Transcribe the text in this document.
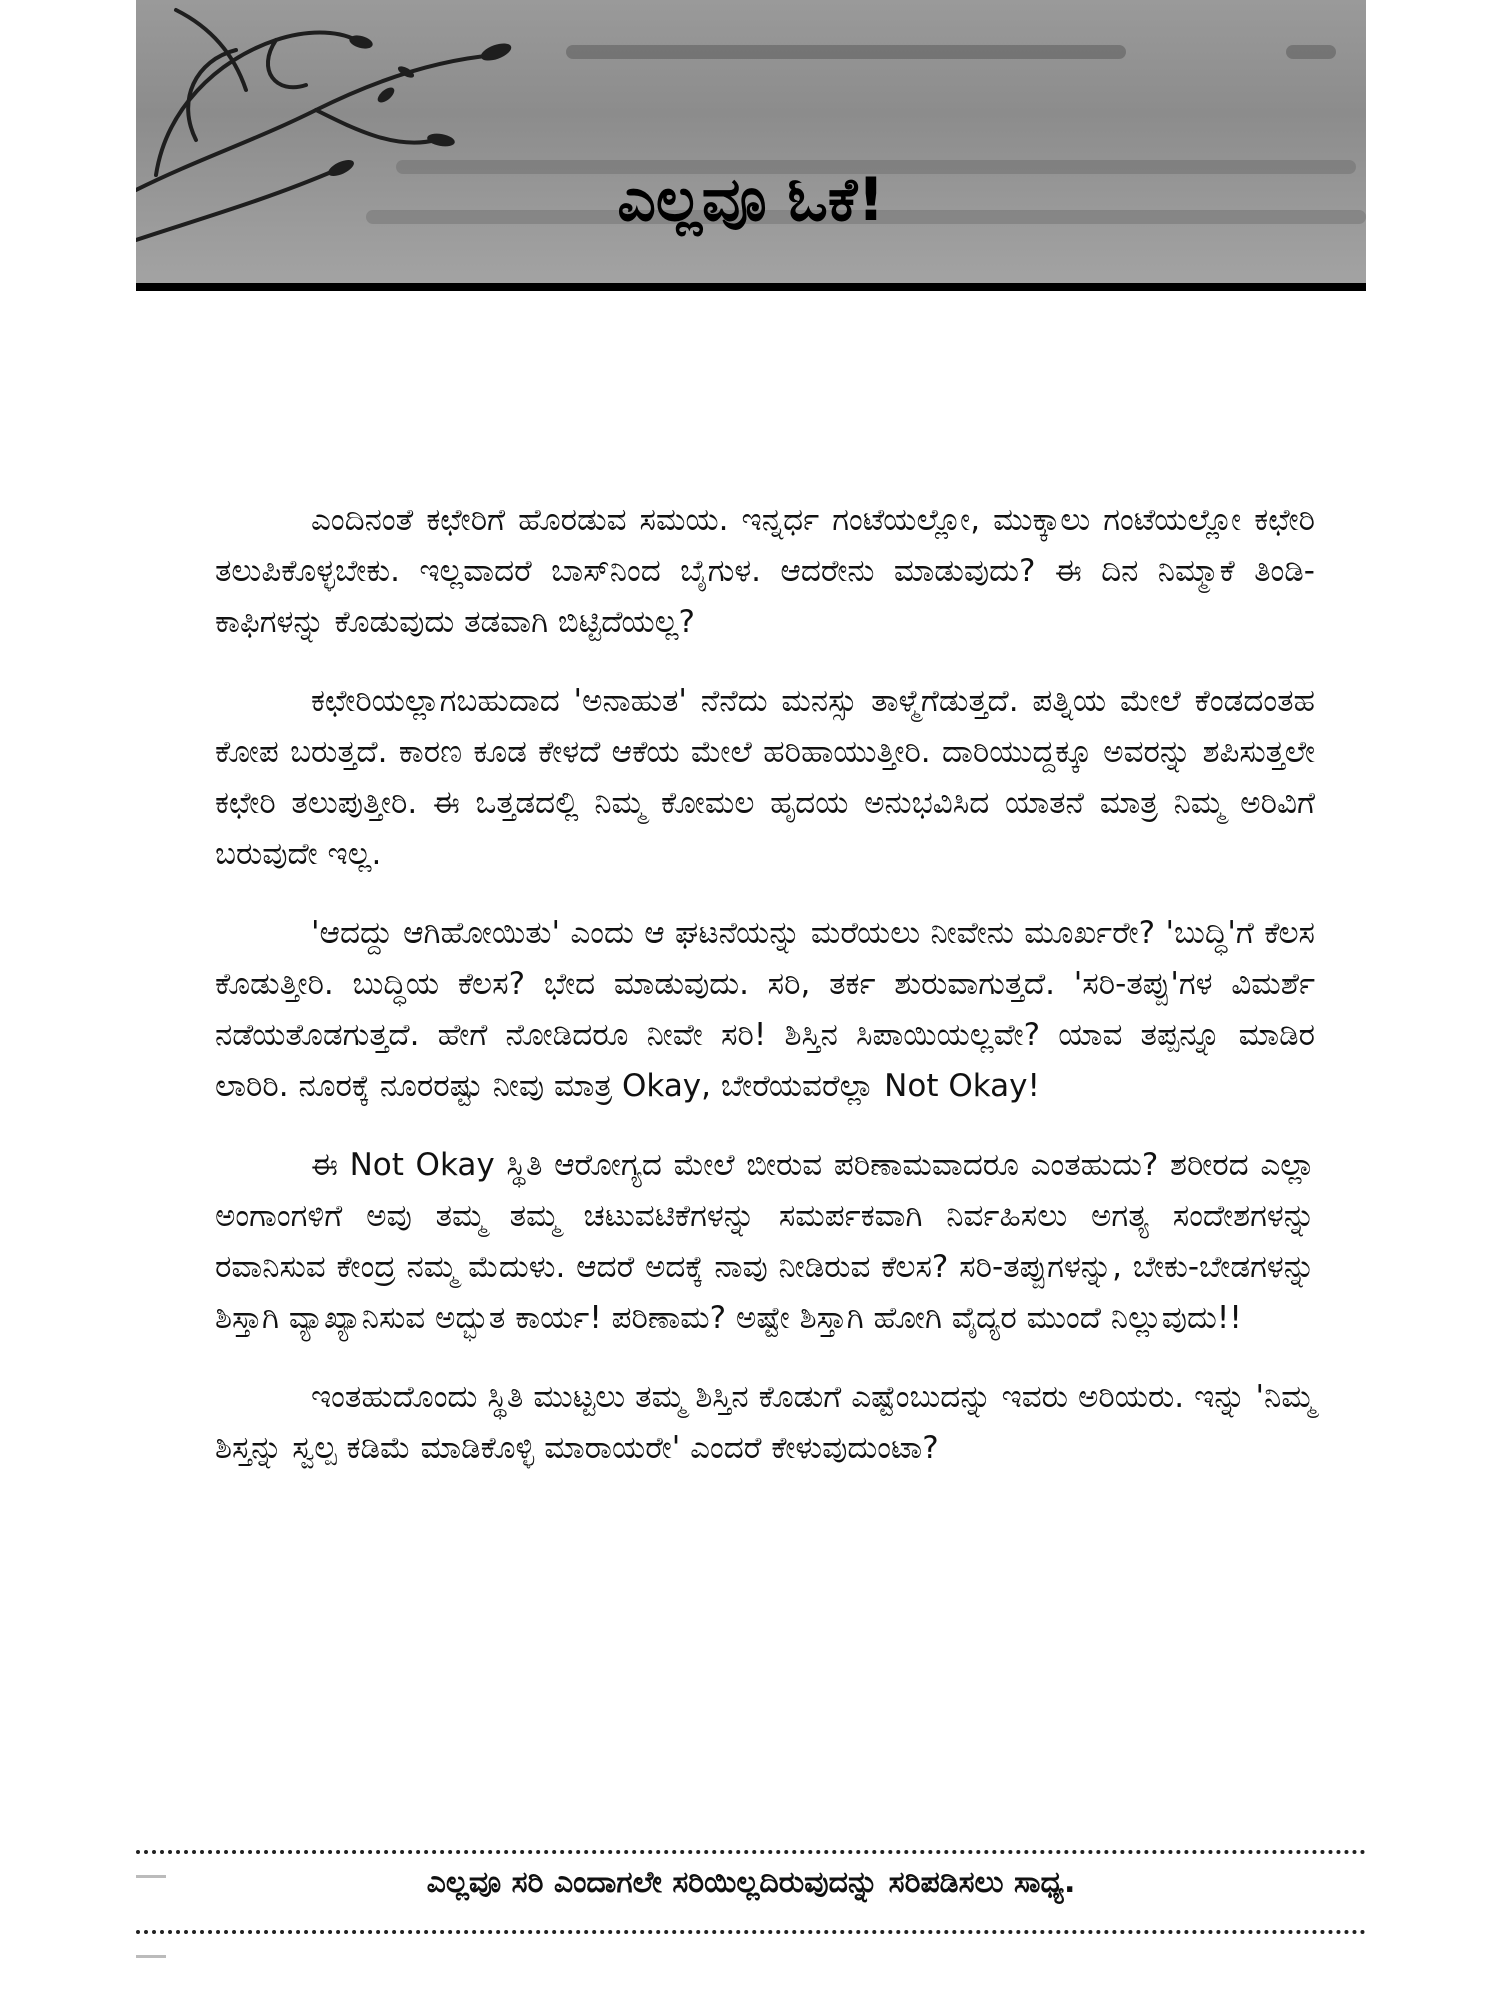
ಎಲ್ಲವೂ ಓಕೆ!

ಎಂದಿನಂತೆ ಕಛೇರಿಗೆ ಹೊರಡುವ ಸಮಯ. ಇನ್ನರ್ಧ ಗಂಟೆಯಲ್ಲೋ, ಮುಕ್ಕಾಲು ಗಂಟೆಯಲ್ಲೋ ಕಛೇರಿ ತಲುಪಿಕೊಳ್ಳಬೇಕು. ಇಲ್ಲವಾದರೆ ಬಾಸ್‌ನಿಂದ ಬೈಗುಳ. ಆದರೇನು ಮಾಡುವುದು? ಈ ದಿನ ನಿಮ್ಮಾಕೆ ತಿಂಡಿ-ಕಾಫಿಗಳನ್ನು ಕೊಡುವುದು ತಡವಾಗಿ ಬಿಟ್ಟಿದೆಯಲ್ಲ?

ಕಛೇರಿಯಲ್ಲಾಗಬಹುದಾದ 'ಅನಾಹುತ' ನೆನೆದು ಮನಸ್ಸು ತಾಳ್ಮೆಗೆಡುತ್ತದೆ. ಪತ್ನಿಯ ಮೇಲೆ ಕೆಂಡದಂತಹ ಕೋಪ ಬರುತ್ತದೆ. ಕಾರಣ ಕೂಡ ಕೇಳದೆ ಆಕೆಯ ಮೇಲೆ ಹರಿಹಾಯುತ್ತೀರಿ. ದಾರಿಯುದ್ದಕ್ಕೂ ಅವರನ್ನು ಶಪಿಸುತ್ತಲೇ ಕಛೇರಿ ತಲುಪುತ್ತೀರಿ. ಈ ಒತ್ತಡದಲ್ಲಿ ನಿಮ್ಮ ಕೋಮಲ ಹೃದಯ ಅನುಭವಿಸಿದ ಯಾತನೆ ಮಾತ್ರ ನಿಮ್ಮ ಅರಿವಿಗೆ ಬರುವುದೇ ಇಲ್ಲ.

'ಆದದ್ದು ಆಗಿಹೋಯಿತು' ಎಂದು ಆ ಘಟನೆಯನ್ನು ಮರೆಯಲು ನೀವೇನು ಮೂರ್ಖರೇ? 'ಬುದ್ಧಿ'ಗೆ ಕೆಲಸ ಕೊಡುತ್ತೀರಿ. ಬುದ್ಧಿಯ ಕೆಲಸ? ಭೇದ ಮಾಡುವುದು. ಸರಿ, ತರ್ಕ ಶುರುವಾಗುತ್ತದೆ. 'ಸರಿ-ತಪ್ಪು'ಗಳ ವಿಮರ್ಶೆ ನಡೆಯತೊಡಗುತ್ತದೆ. ಹೇಗೆ ನೋಡಿದರೂ ನೀವೇ ಸರಿ! ಶಿಸ್ತಿನ ಸಿಪಾಯಿಯಲ್ಲವೇ? ಯಾವ ತಪ್ಪನ್ನೂ ಮಾಡಿರ ಲಾರಿರಿ. ನೂರಕ್ಕೆ ನೂರರಷ್ಟು ನೀವು ಮಾತ್ರ Okay, ಬೇರೆಯವರೆಲ್ಲಾ Not Okay!

ಈ Not Okay ಸ್ಥಿತಿ ಆರೋಗ್ಯದ ಮೇಲೆ ಬೀರುವ ಪರಿಣಾಮವಾದರೂ ಎಂತಹುದು? ಶರೀರದ ಎಲ್ಲಾ ಅಂಗಾಂಗಳಿಗೆ ಅವು ತಮ್ಮ ತಮ್ಮ ಚಟುವಟಿಕೆಗಳನ್ನು ಸಮರ್ಪಕವಾಗಿ ನಿರ್ವಹಿಸಲು ಅಗತ್ಯ ಸಂದೇಶಗಳನ್ನು ರವಾನಿಸುವ ಕೇಂದ್ರ ನಮ್ಮ ಮೆದುಳು. ಆದರೆ ಅದಕ್ಕೆ ನಾವು ನೀಡಿರುವ ಕೆಲಸ? ಸರಿ-ತಪ್ಪುಗಳನ್ನು, ಬೇಕು-ಬೇಡಗಳನ್ನು ಶಿಸ್ತಾಗಿ ವ್ಯಾಖ್ಯಾನಿಸುವ ಅದ್ಭುತ ಕಾರ್ಯ! ಪರಿಣಾಮ? ಅಷ್ಟೇ ಶಿಸ್ತಾಗಿ ಹೋಗಿ ವೈದ್ಯರ ಮುಂದೆ ನಿಲ್ಲುವುದು!!

ಇಂತಹುದೊಂದು ಸ್ಥಿತಿ ಮುಟ್ಟಲು ತಮ್ಮ ಶಿಸ್ತಿನ ಕೊಡುಗೆ ಎಷ್ಟೆಂಬುದನ್ನು ಇವರು ಅರಿಯರು. ಇನ್ನು 'ನಿಮ್ಮ ಶಿಸ್ತನ್ನು ಸ್ವಲ್ಪ ಕಡಿಮೆ ಮಾಡಿಕೊಳ್ಳಿ ಮಾರಾಯರೇ' ಎಂದರೆ ಕೇಳುವುದುಂಟಾ?

ಎಲ್ಲವೂ ಸರಿ ಎಂದಾಗಲೇ ಸರಿಯಿಲ್ಲದಿರುವುದನ್ನು ಸರಿಪಡಿಸಲು ಸಾಧ್ಯ.
